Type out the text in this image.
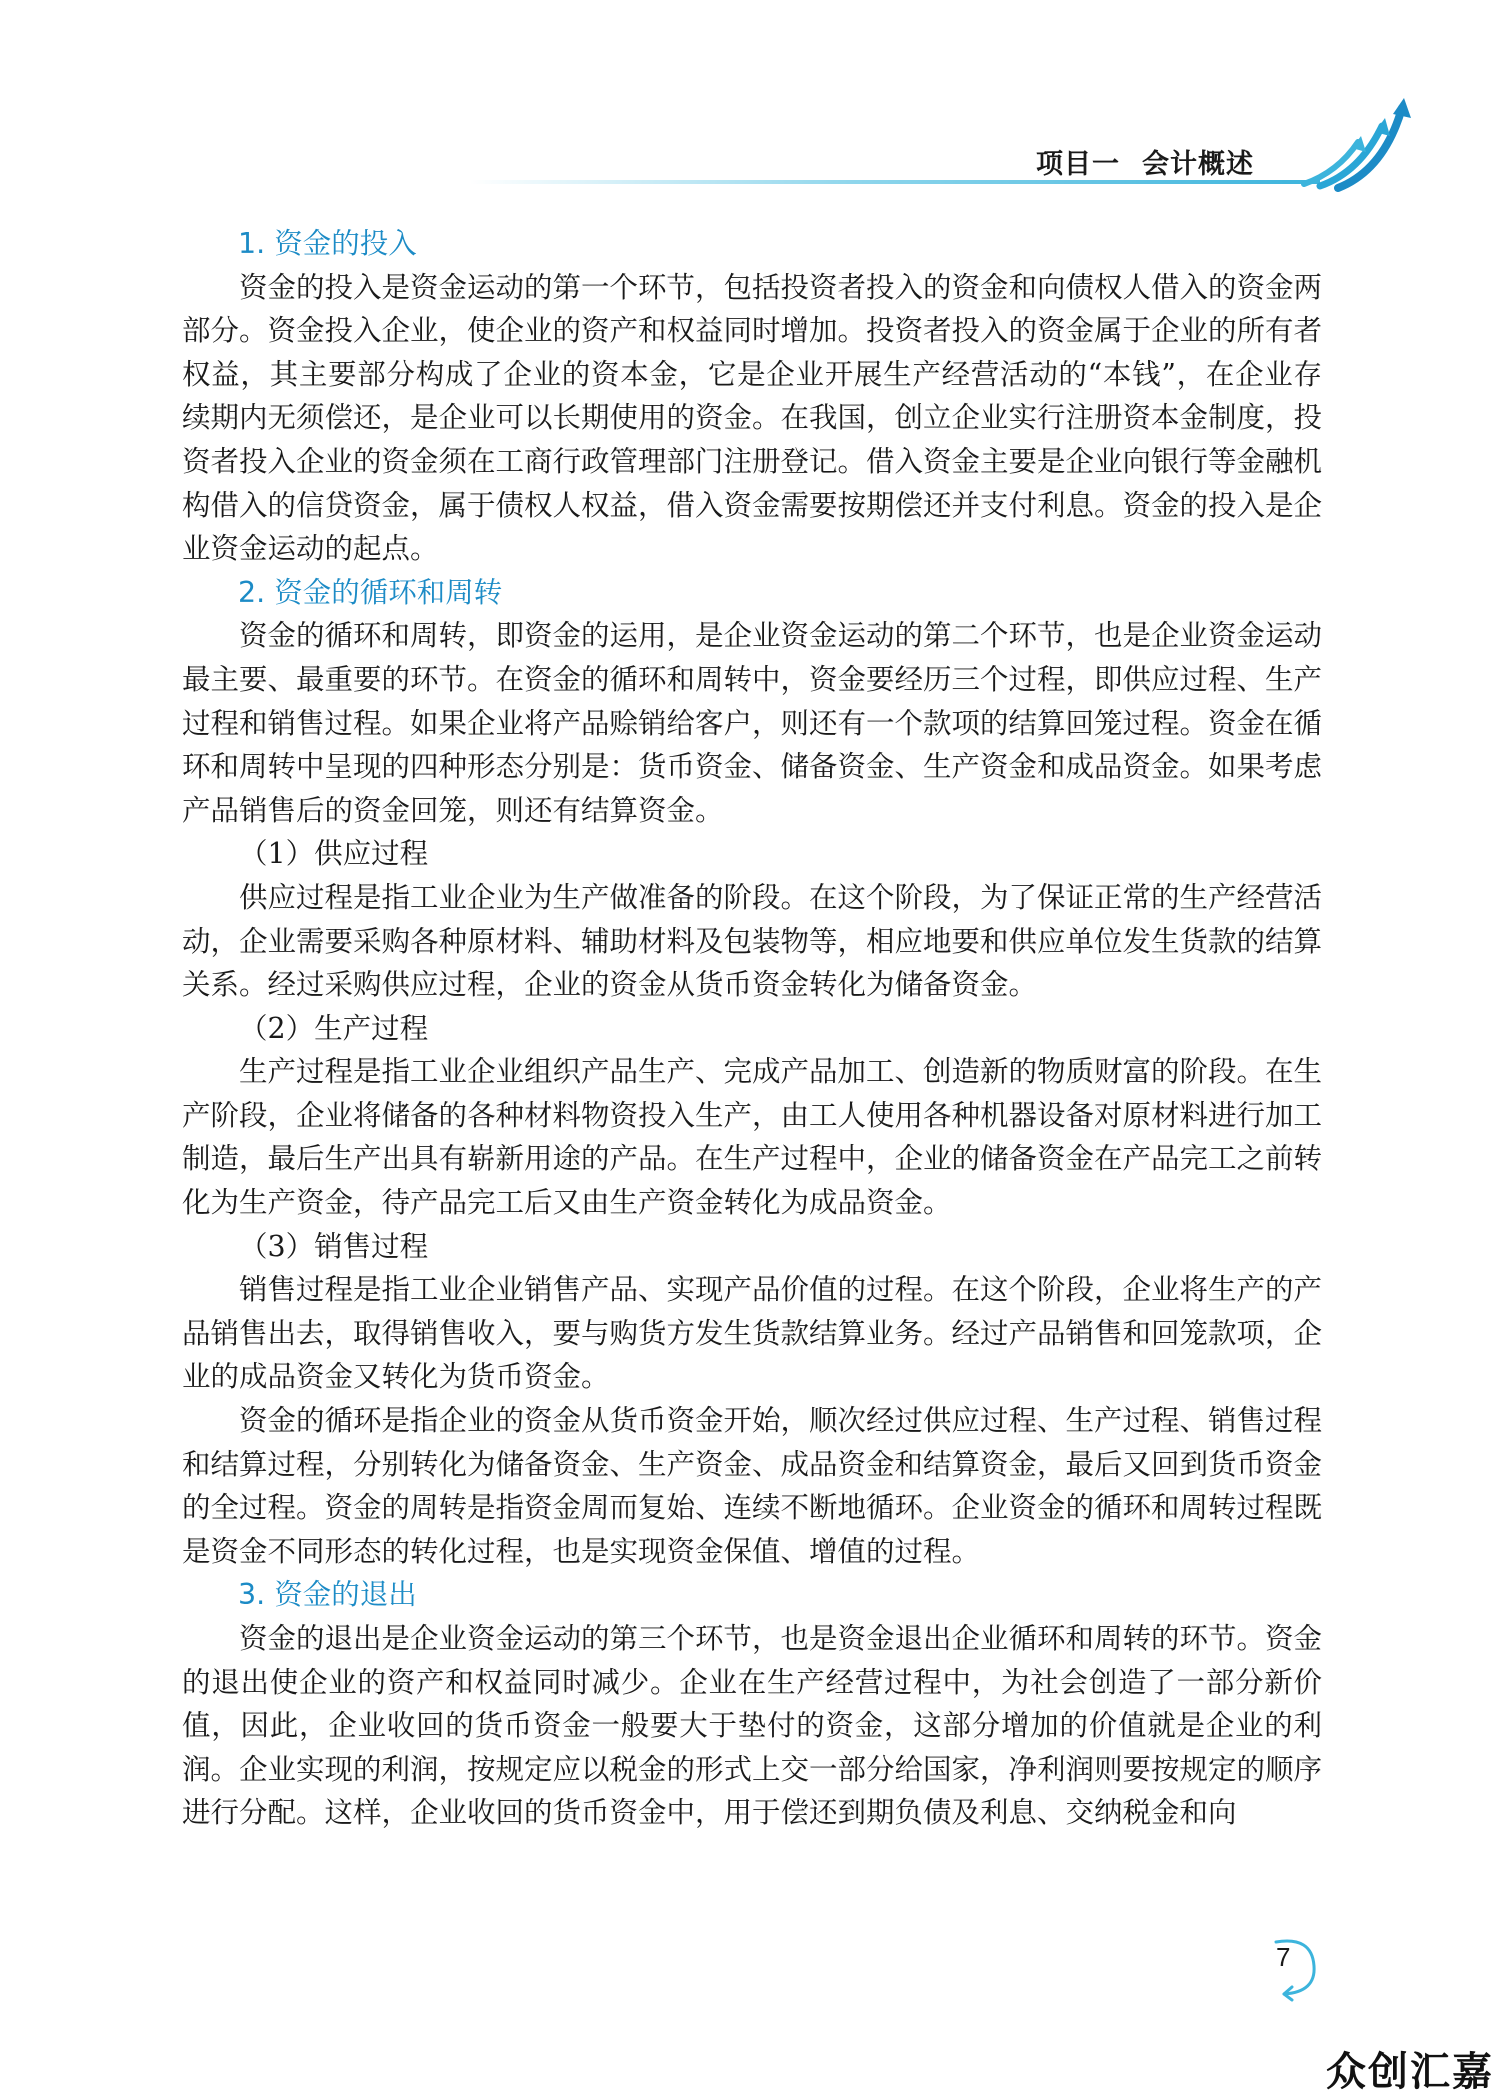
项目一 会计概述
1. 资金的投入

资金的投入是资金运动的第一个环节，包括投资者投入的资金和向债权人借入的资金两部分。资金投入企业，使企业的资产和权益同时增加。投资者投入的资金属于企业的所有者权益，其主要部分构成了企业的资本金，它是企业开展生产经营活动的“本钱”，在企业存续期内无须偿还，是企业可以长期使用的资金。在我国，创立企业实行注册资本金制度，投资者投入企业的资金须在工商行政管理部门注册登记。借入资金主要是企业向银行等金融机构借入的信贷资金，属于债权人权益，借入资金需要按期偿还并支付利息。资金的投入是企业资金运动的起点。

2. 资金的循环和周转

资金的循环和周转，即资金的运用，是企业资金运动的第二个环节，也是企业资金运动最主要、最重要的环节。在资金的循环和周转中，资金要经历三个过程，即供应过程、生产过程和销售过程。如果企业将产品赊销给客户，则还有一个款项的结算回笼过程。资金在循环和周转中呈现的四种形态分别是：货币资金、储备资金、生产资金和成品资金。如果考虑产品销售后的资金回笼，则还有结算资金。

（1）供应过程

供应过程是指工业企业为生产做准备的阶段。在这个阶段，为了保证正常的生产经营活动，企业需要采购各种原材料、辅助材料及包装物等，相应地要和供应单位发生货款的结算关系。经过采购供应过程，企业的资金从货币资金转化为储备资金。

（2）生产过程

生产过程是指工业企业组织产品生产、完成产品加工、创造新的物质财富的阶段。在生产阶段，企业将储备的各种材料物资投入生产，由工人使用各种机器设备对原材料进行加工制造，最后生产出具有崭新用途的产品。在生产过程中，企业的储备资金在产品完工之前转化为生产资金，待产品完工后又由生产资金转化为成品资金。

（3）销售过程

销售过程是指工业企业销售产品、实现产品价值的过程。在这个阶段，企业将生产的产品销售出去，取得销售收入，要与购货方发生货款结算业务。经过产品销售和回笼款项，企业的成品资金又转化为货币资金。

资金的循环是指企业的资金从货币资金开始，顺次经过供应过程、生产过程、销售过程和结算过程，分别转化为储备资金、生产资金、成品资金和结算资金，最后又回到货币资金的全过程。资金的周转是指资金周而复始、连续不断地循环。企业资金的循环和周转过程既是资金不同形态的转化过程，也是实现资金保值、增值的过程。

3. 资金的退出

资金的退出是企业资金运动的第三个环节，也是资金退出企业循环和周转的环节。资金的退出使企业的资产和权益同时减少。企业在生产经营过程中，为社会创造了一部分新价值，因此，企业收回的货币资金一般要大于垫付的资金，这部分增加的价值就是企业的利润。企业实现的利润，按规定应以税金的形式上交一部分给国家，净利润则要按规定的顺序进行分配。这样，企业收回的货币资金中，用于偿还到期负债及利息、交纳税金和向

7
众创汇嘉
